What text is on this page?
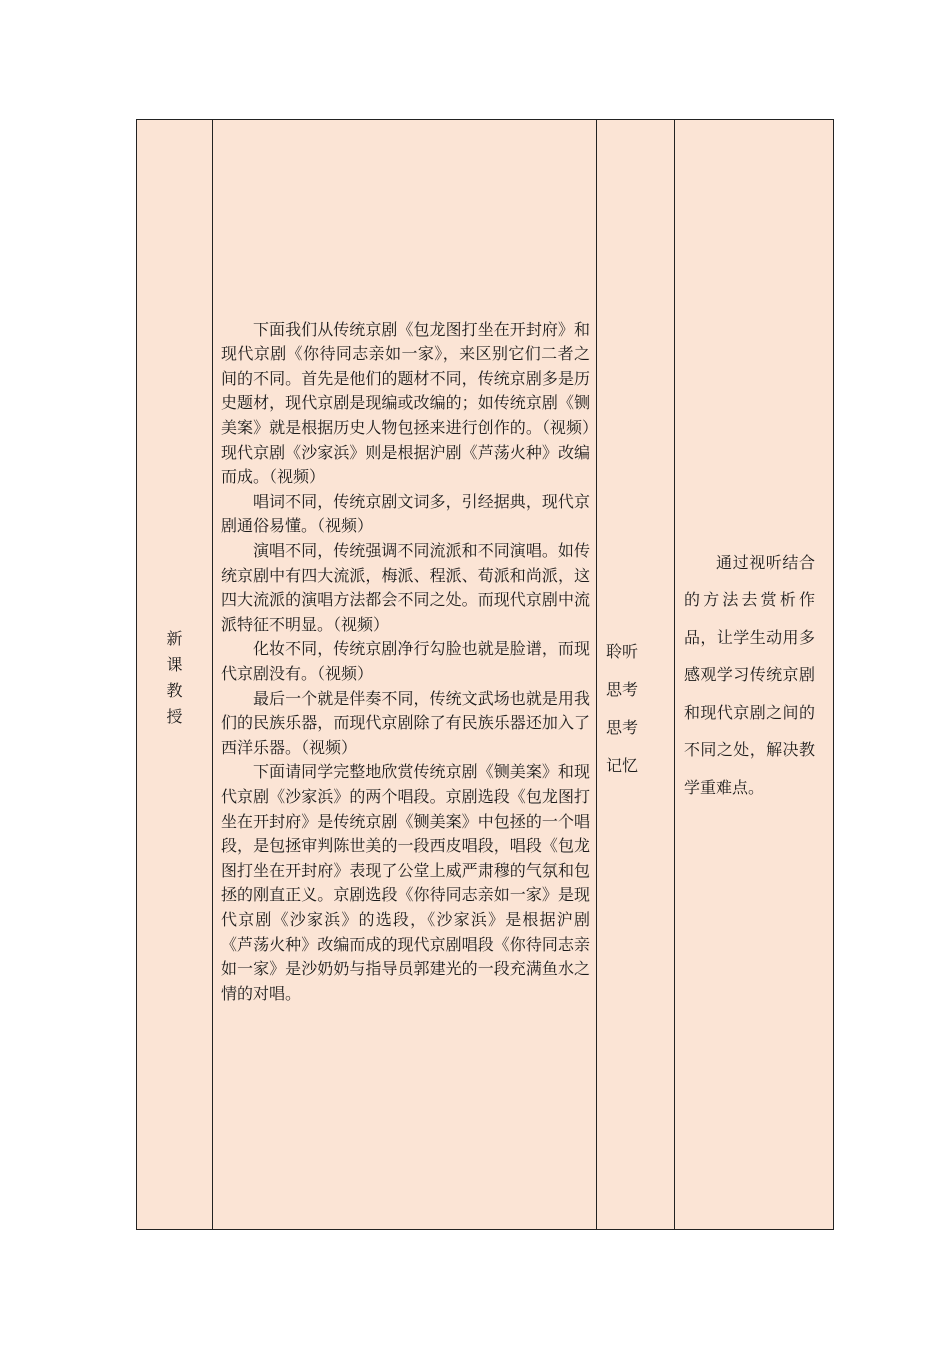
新课教授

下面我们从传统京剧《包龙图打坐在开封府》和现代京剧《你待同志亲如一家》，来区别它们二者之间的不同。首先是他们的题材不同，传统京剧多是历史题材，现代京剧是现编或改编的；如传统京剧《铡美案》就是根据历史人物包拯来进行创作的。（视频）现代京剧《沙家浜》则是根据沪剧《芦荡火种》改编而成。（视频）

唱词不同，传统京剧文词多，引经据典，现代京剧通俗易懂。（视频）

演唱不同，传统强调不同流派和不同演唱。如传统京剧中有四大流派，梅派、程派、荀派和尚派，这四大流派的演唱方法都会不同之处。而现代京剧中流派特征不明显。（视频）

化妆不同，传统京剧净行勾脸也就是脸谱，而现代京剧没有。（视频）

最后一个就是伴奏不同，传统文武场也就是用我们的民族乐器，而现代京剧除了有民族乐器还加入了西洋乐器。（视频）

下面请同学完整地欣赏传统京剧《铡美案》和现代京剧《沙家浜》的两个唱段。京剧选段《包龙图打坐在开封府》是传统京剧《铡美案》中包拯的一个唱段，是包拯审判陈世美的一段西皮唱段，唱段《包龙图打坐在开封府》表现了公堂上威严肃穆的气氛和包拯的刚直正义。京剧选段《你待同志亲如一家》是现代京剧《沙家浜》的选段，《沙家浜》是根据沪剧《芦荡火种》改编而成的现代京剧唱段《你待同志亲如一家》是沙奶奶与指导员郭建光的一段充满鱼水之情的对唱。

聆听
思考
思考
记忆
通过视听结合的方法去赏析作品，让学生动用多感观学习传统京剧和现代京剧之间的不同之处，解决教学重难点。
